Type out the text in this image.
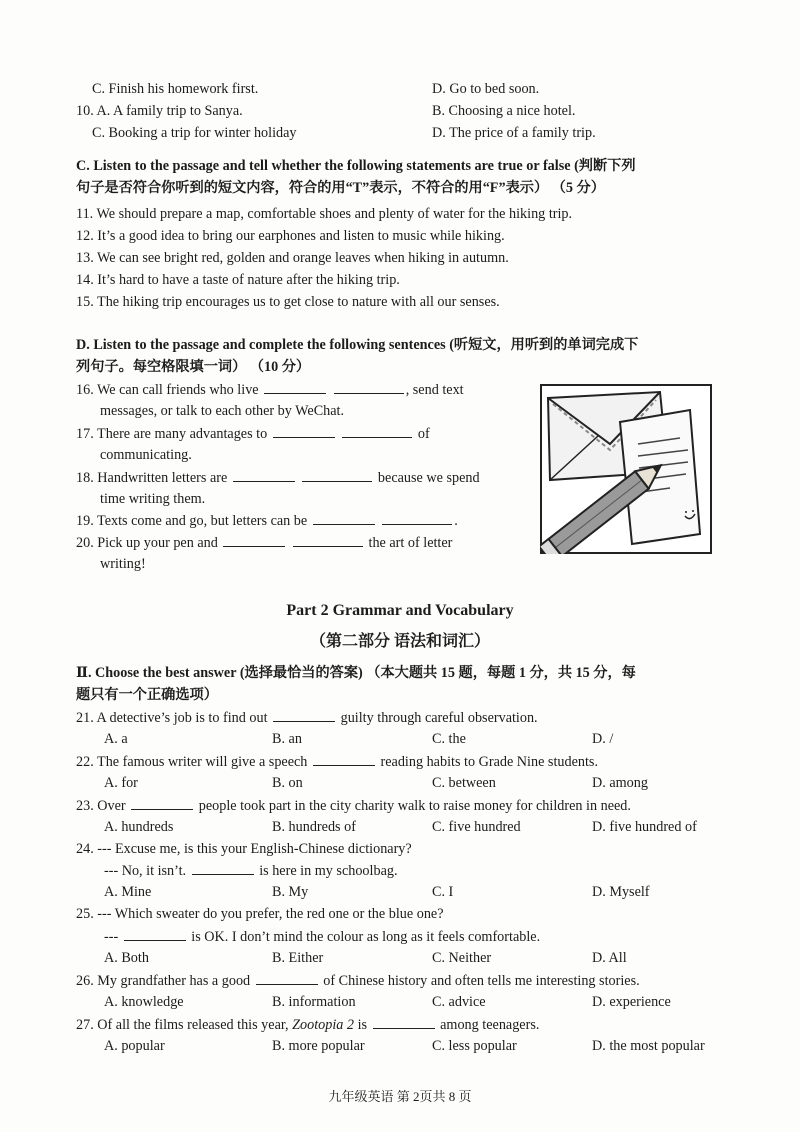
C. Finish his homework first.	D. Go to bed soon.
10. A. A family trip to Sanya.	B. Choosing a nice hotel.
C. Booking a trip for winter holiday	D. The price of a family trip.
C. Listen to the passage and tell whether the following statements are true or false (判断下列
句子是否符合你听到的短文内容，符合的用“T”表示，不符合的用“F”表示） （5 分）
11. We should prepare a map, comfortable shoes and plenty of water for the hiking trip.
12. It’s a good idea to bring our earphones and listen to music while hiking.
13. We can see bright red, golden and orange leaves when hiking in autumn.
14. It’s hard to have a taste of nature after the hiking trip.
15. The hiking trip encourages us to get close to nature with all our senses.
D. Listen to the passage and complete the following sentences (听短文，用听到的单词完成下
列句子。每空格限填一词） （10 分）
16. We can call friends who live	, send text
messages, or talk to each other by WeChat.
17. There are many advantages to	of
communicating.
18. Handwritten letters are	because we spend
time writing them.
19. Texts come and go, but letters can be	.
20. Pick up your pen and	the art of letter
writing!
Part 2 Grammar and Vocabulary
（第二部分 语法和词汇）
Ⅱ. Choose the best answer (选择最恰当的答案) （本大题共 15 题，每题 1 分，共 15 分，每
题只有一个正确选项）
21. A detective’s job is to find out	guilty through careful observation.
A. a	B. an	C. the	D. /
22. The famous writer will give a speech	reading habits to Grade Nine students.
A. for	B. on	C. between	D. among
23. Over	people took part in the city charity walk to raise money for children in need.
A. hundreds	B. hundreds of	C. five hundred	D. five hundred of
24. --- Excuse me, is this your English-Chinese dictionary?
--- No, it isn’t.	is here in my schoolbag.
A. Mine	B. My	C. I	D. Myself
25. --- Which sweater do you prefer, the red one or the blue one?
---	is OK. I don’t mind the colour as long as it feels comfortable.
A. Both	B. Either	C. Neither	D. All
26. My grandfather has a good	of Chinese history and often tells me interesting stories.
A. knowledge	B. information	C. advice	D. experience
27. Of all the films released this year, Zootopia 2 is	among teenagers.
A. popular	B. more popular	C. less popular	D. the most popular
九年级英语 第 2页共 8 页
